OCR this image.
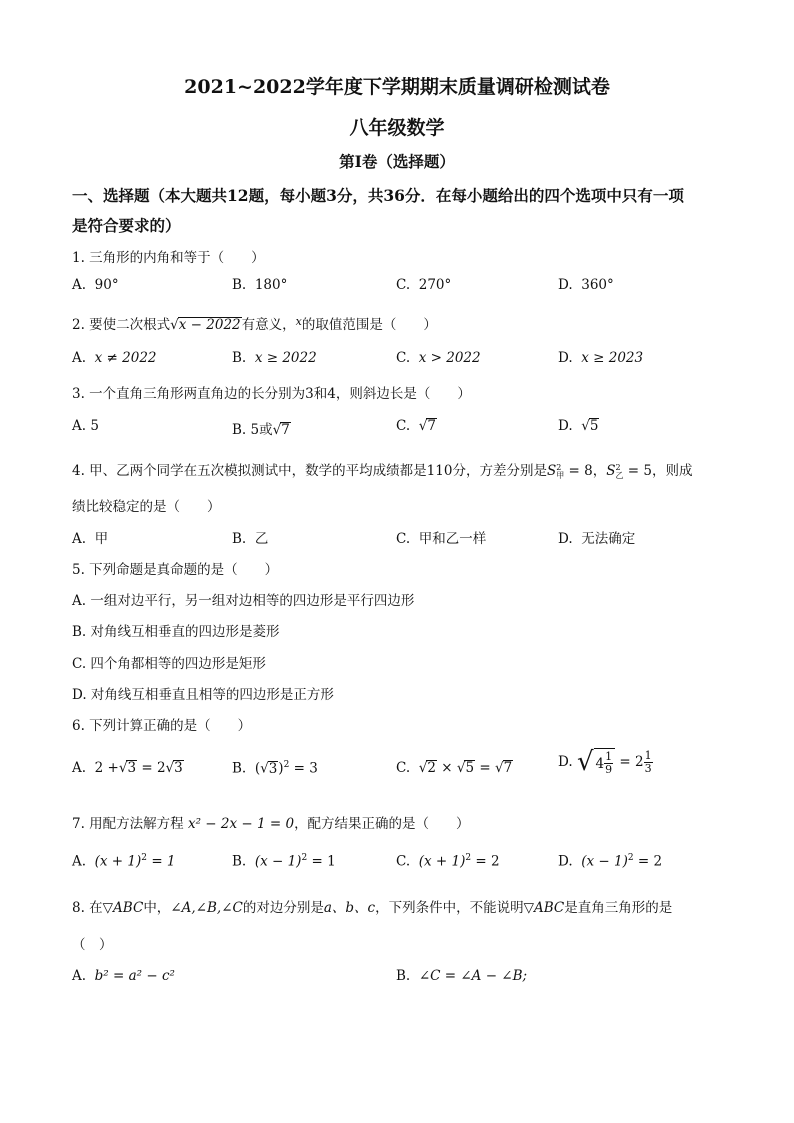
2021~2022学年度下学期期末质量调研检测试卷
八年级数学
第Ⅰ卷（选择题）
一、选择题（本大题共12题，每小题3分，共36分．在每小题给出的四个选项中只有一项
是符合要求的）
1. 三角形的内角和等于（　　）
A. 90°	B. 180°	C. 270°	D. 360°
2. 要使二次根式√x − 2022有意义，$^x$的取值范围是（　　）
A. x ≠ 2022	B. x ≥ 2022	C. x > 2022	D. x ≥ 2023
3. 一个直角三角形两直角边的长分别为3和4，则斜边长是（　　）
A. 5	B. 5或√7	C. √7	D. √5
4. 甲、乙两个同学在五次模拟测试中，数学的平均成绩都是110分，方差分别是S 2
甲 = 8，S 2
乙 = 5，则成
绩比较稳定的是（　　）
A. 甲	B. 乙	C. 甲和乙一样	D. 无法确定
5. 下列命题是真命题的是（　　）
A. 一组对边平行，另一组对边相等的四边形是平行四边形
B. 对角线互相垂直的四边形是菱形
C. 四个角都相等的四边形是矩形
D. 对角线互相垂直且相等的四边形是正方形
6. 下列计算正确的是（　　）
A. 2 +√3 = 2√3	B. $(√3)^2 = 3$	C. √2 × √5 = √7	D.
√ $4 \frac{1}{9}$
= $2 \frac{1}{3}$
7. 用配方法解方程 x² − 2x − 1 = 0，配方结果正确的是（　　）
A. $(x + 1)^2 = 1$	B. $(x - 1)^2 = 1$	C. $(x + 1)^2 = 2$	D. $(x - 1)^2 = 2$
8. 在▽ABC中，∠A,∠B,∠C的对边分别是a、b、c，下列条件中，不能说明▽ABC是直角三角形的是
（　）
A. b² = a² − c²	B. ∠C = ∠A − ∠B;
